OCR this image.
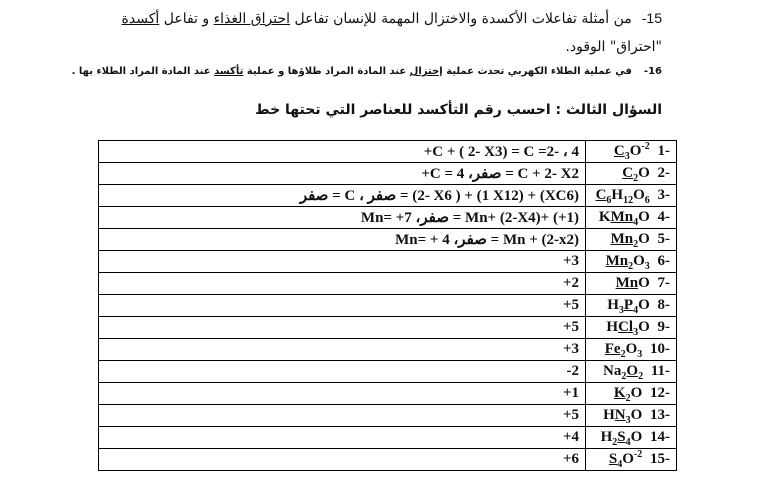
15-من أمثلة تفاعلات الأكسدة والاختزال المهمة للإنسان تفاعل احتراق الغذاء و تفاعل أكسدة
"احتراق" الوقود.
16-في عملية الطلاء الكهربي تحدث عملية إختزال عند المادة المراد طلاؤها و عملية تأكسد عند المادة المراد الطلاء بها .
السؤال الثالث : احسب رقم التأكسد للعناصر التي تحتها خط
C + ( 2- X3) = C =2- ، 4+	-1 $C_3O^{-2}$
C + 2- X2 = صفر، C = 4+	-2 $C_2O$
(XC6) + (1 X12) + ( 2- X6) = صفر ، C = صفر	-3 $C_6H_{12}O_6$
(1+) +Mn+ (2-X4) = صفر، Mn= +7	-4 KMn$_4$O
Mn + (2-x2) = صفر، Mn= + 4	-5 $Mn_2O$
3+	-6 $Mn_2O_3$
2+	-7 MnO
5+	-8 $H_3P_4O$
5+	-9 HCl$_3$O
3+	-10 $Fe_2O_3$
2-	-11 $Na_2O_2$
1+	-12 $K_2O$
5+	-13 $HN_3O$
4+	-14 $H_2S_4O$
6+	-15 $S_4O^{-2}$
